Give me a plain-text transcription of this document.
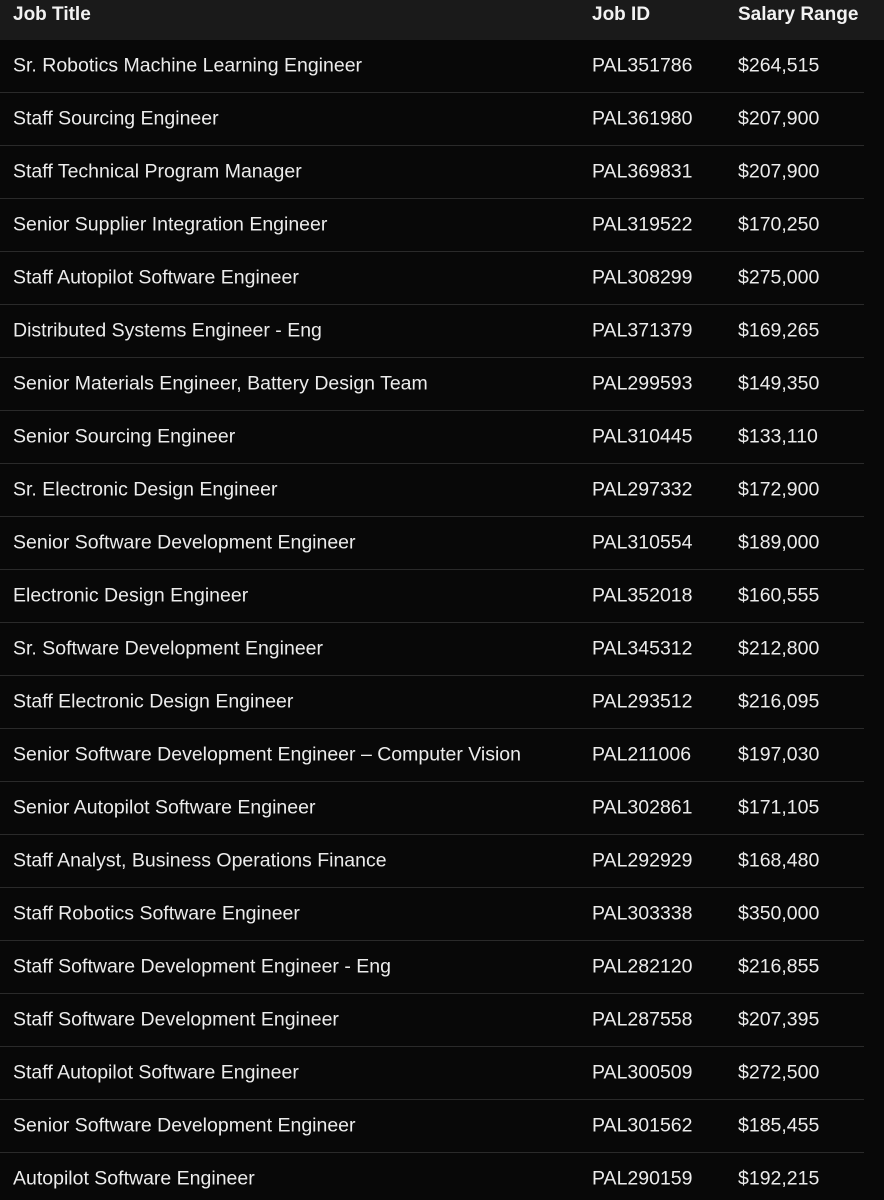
Job Title	Job ID	Salary Range
Sr. Robotics Machine Learning Engineer	PAL351786 $264,515
Staff Sourcing Engineer	PAL361980 $207,900
Staff Technical Program Manager	PAL369831 $207,900
Senior Supplier Integration Engineer	PAL319522 $170,250
Staff Autopilot Software Engineer	PAL308299 $275,000
Distributed Systems Engineer - Eng	PAL371379 $169,265
Senior Materials Engineer, Battery Design Team	PAL299593 $149,350
Senior Sourcing Engineer	PAL310445 $133,110
Sr. Electronic Design Engineer	PAL297332 $172,900
Senior Software Development Engineer	PAL310554 $189,000
Electronic Design Engineer	PAL352018 $160,555
Sr. Software Development Engineer	PAL345312 $212,800
Staff Electronic Design Engineer	PAL293512 $216,095
Senior Software Development Engineer – Computer Vision	PAL211006 $197,030
Senior Autopilot Software Engineer	PAL302861 $171,105
Staff Analyst, Business Operations Finance	PAL292929 $168,480
Staff Robotics Software Engineer	PAL303338 $350,000
Staff Software Development Engineer - Eng	PAL282120 $216,855
Staff Software Development Engineer	PAL287558 $207,395
Staff Autopilot Software Engineer	PAL300509 $272,500
Senior Software Development Engineer	PAL301562 $185,455
Autopilot Software Engineer	PAL290159 $192,215
